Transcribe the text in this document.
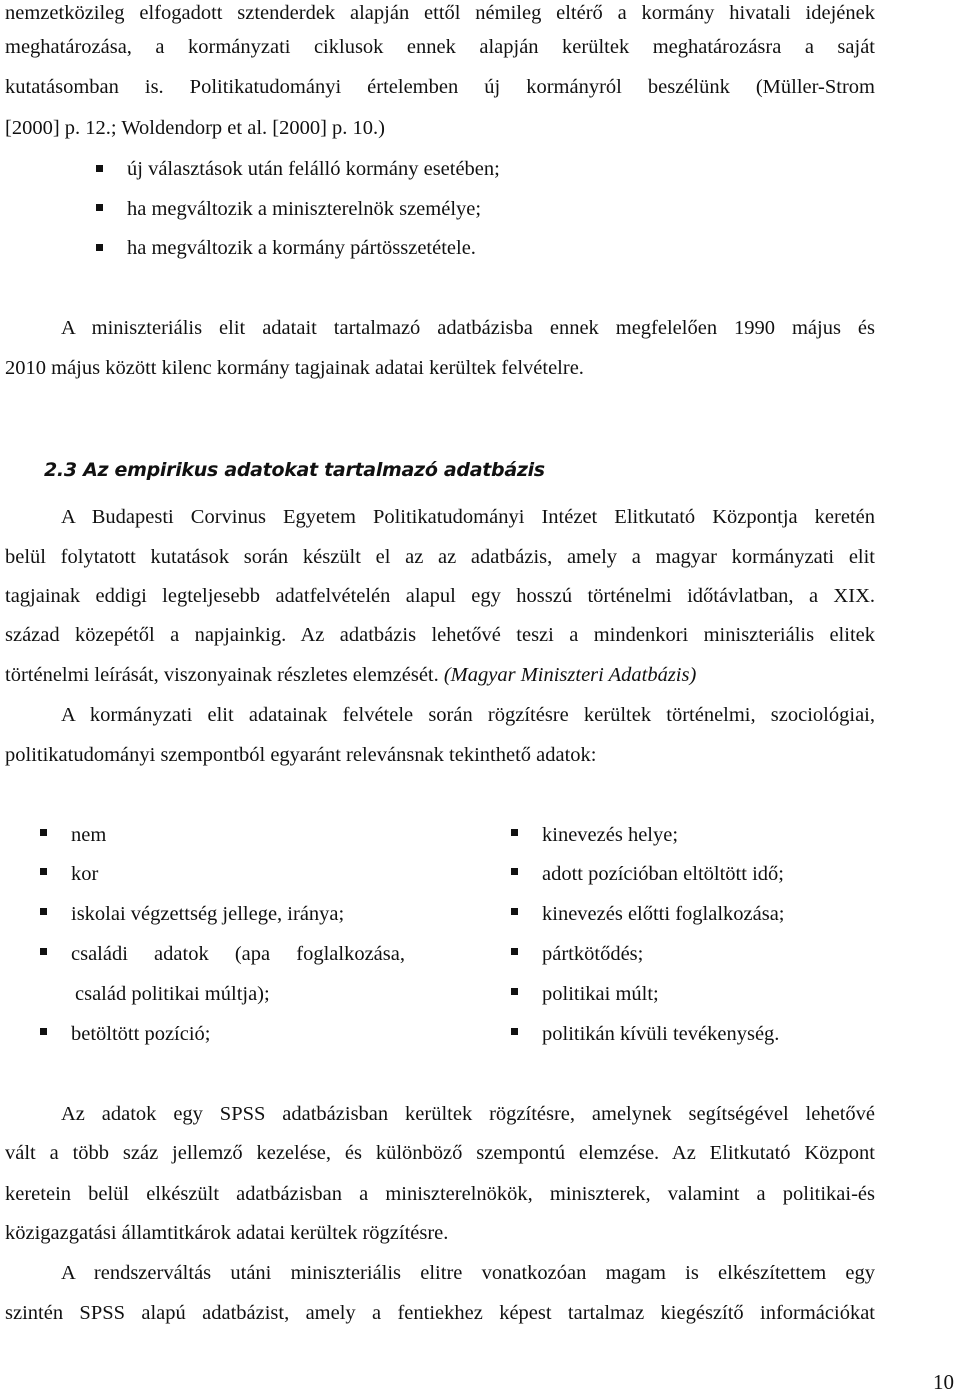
nemzetközileg elfogadott sztenderdek alapján ettől némileg eltérő a kormány hivatali idejének
meghatározása, a kormányzati ciklusok ennek alapján kerültek meghatározásra a saját
kutatásomban is. Politikatudományi értelemben új kormányról beszélünk (Müller-Strom
[2000] p. 12.; Woldendorp et al. [2000] p. 10.)
új választások után felálló kormány esetében;
ha megváltozik a miniszterelnök személye;
ha megváltozik a kormány pártösszetétele.
A miniszteriális elit adatait tartalmazó adatbázisba ennek megfelelően 1990 május és
2010 május között kilenc kormány tagjainak adatai kerültek felvételre.
2.3 Az empirikus adatokat tartalmazó adatbázis
A Budapesti Corvinus Egyetem Politikatudományi Intézet Elitkutató Központja keretén
belül folytatott kutatások során készült el az az adatbázis, amely a magyar kormányzati elit
tagjainak eddigi legteljesebb adatfelvételén alapul egy hosszú történelmi időtávlatban, a XIX.
század közepétől a napjainkig. Az adatbázis lehetővé teszi a mindenkori miniszteriális elitek
történelmi leírását, viszonyainak részletes elemzését. (Magyar Miniszteri Adatbázis)
A kormányzati elit adatainak felvétele során rögzítésre kerültek történelmi, szociológiai,
politikatudományi szempontból egyaránt relevánsnak tekinthető adatok:
nem
kor
iskolai végzettség jellege, iránya;
családi adatok (apa foglalkozása,
család politikai múltja);
betöltött pozíció;
kinevezés helye;
adott pozícióban eltöltött idő;
kinevezés előtti foglalkozása;
pártkötődés;
politikai múlt;
politikán kívüli tevékenység.
Az adatok egy SPSS adatbázisban kerültek rögzítésre, amelynek segítségével lehetővé
vált a több száz jellemző kezelése, és különböző szempontú elemzése. Az Elitkutató Központ
keretein belül elkészült adatbázisban a miniszterelnökök, miniszterek, valamint a politikai-és
közigazgatási államtitkárok adatai kerültek rögzítésre.
A rendszerváltás utáni miniszteriális elitre vonatkozóan magam is elkészítettem egy
szintén SPSS alapú adatbázist, amely a fentiekhez képest tartalmaz kiegészítő információkat
10
